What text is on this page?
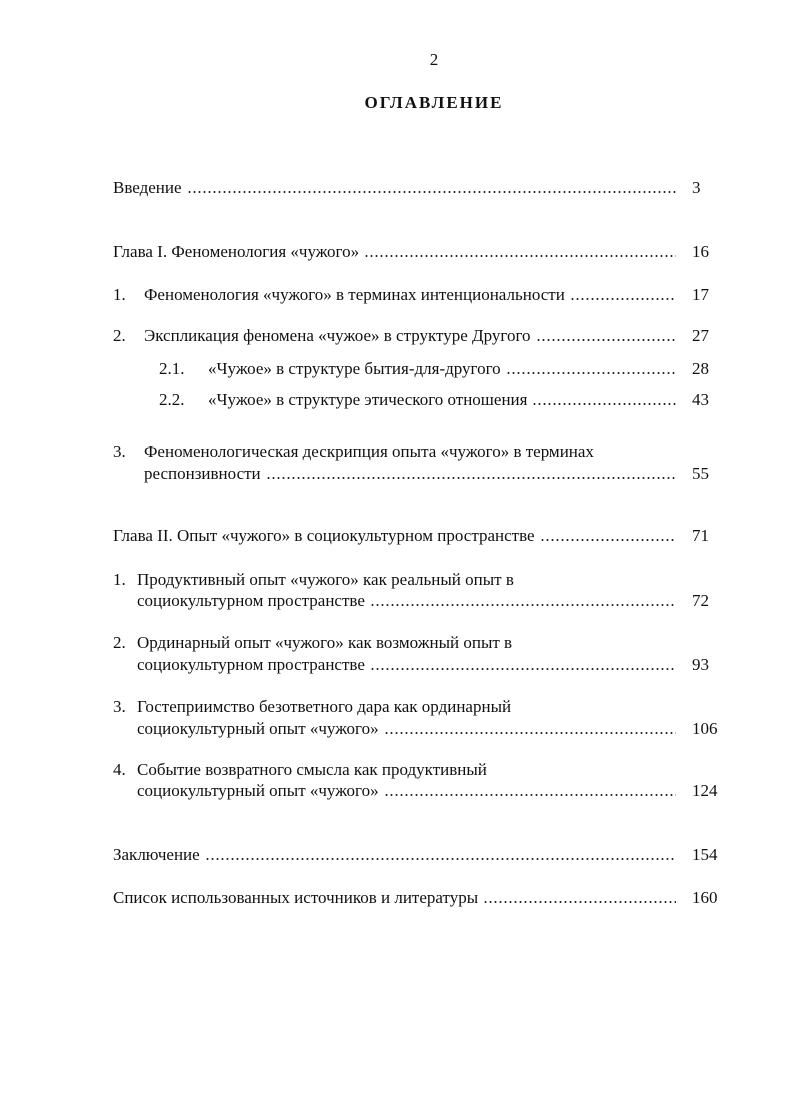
2
ОГЛАВЛЕНИЕ
Введение	3
Глава I. Феноменология «чужого»	16
1. Феноменология «чужого» в терминах интенциональности	17
2. Экспликация феномена «чужое» в структуре Другого	27
2.1. «Чужое» в структуре бытия-для-другого	28
2.2. «Чужое» в структуре этического отношения	43
3. Феноменологическая дескрипция опыта «чужого» в терминах
респонзивности	55
Глава II. Опыт «чужого» в социокультурном пространстве	71
1. Продуктивный опыт «чужого» как реальный опыт в
социокультурном пространстве	72
2. Ординарный опыт «чужого» как возможный опыт в
социокультурном пространстве	93
3. Гостеприимство безответного дара как ординарный
социокультурный опыт «чужого»	106
4. Событие возвратного смысла как продуктивный
социокультурный опыт «чужого»	124
Заключение	154
Список использованных источников и литературы	160
